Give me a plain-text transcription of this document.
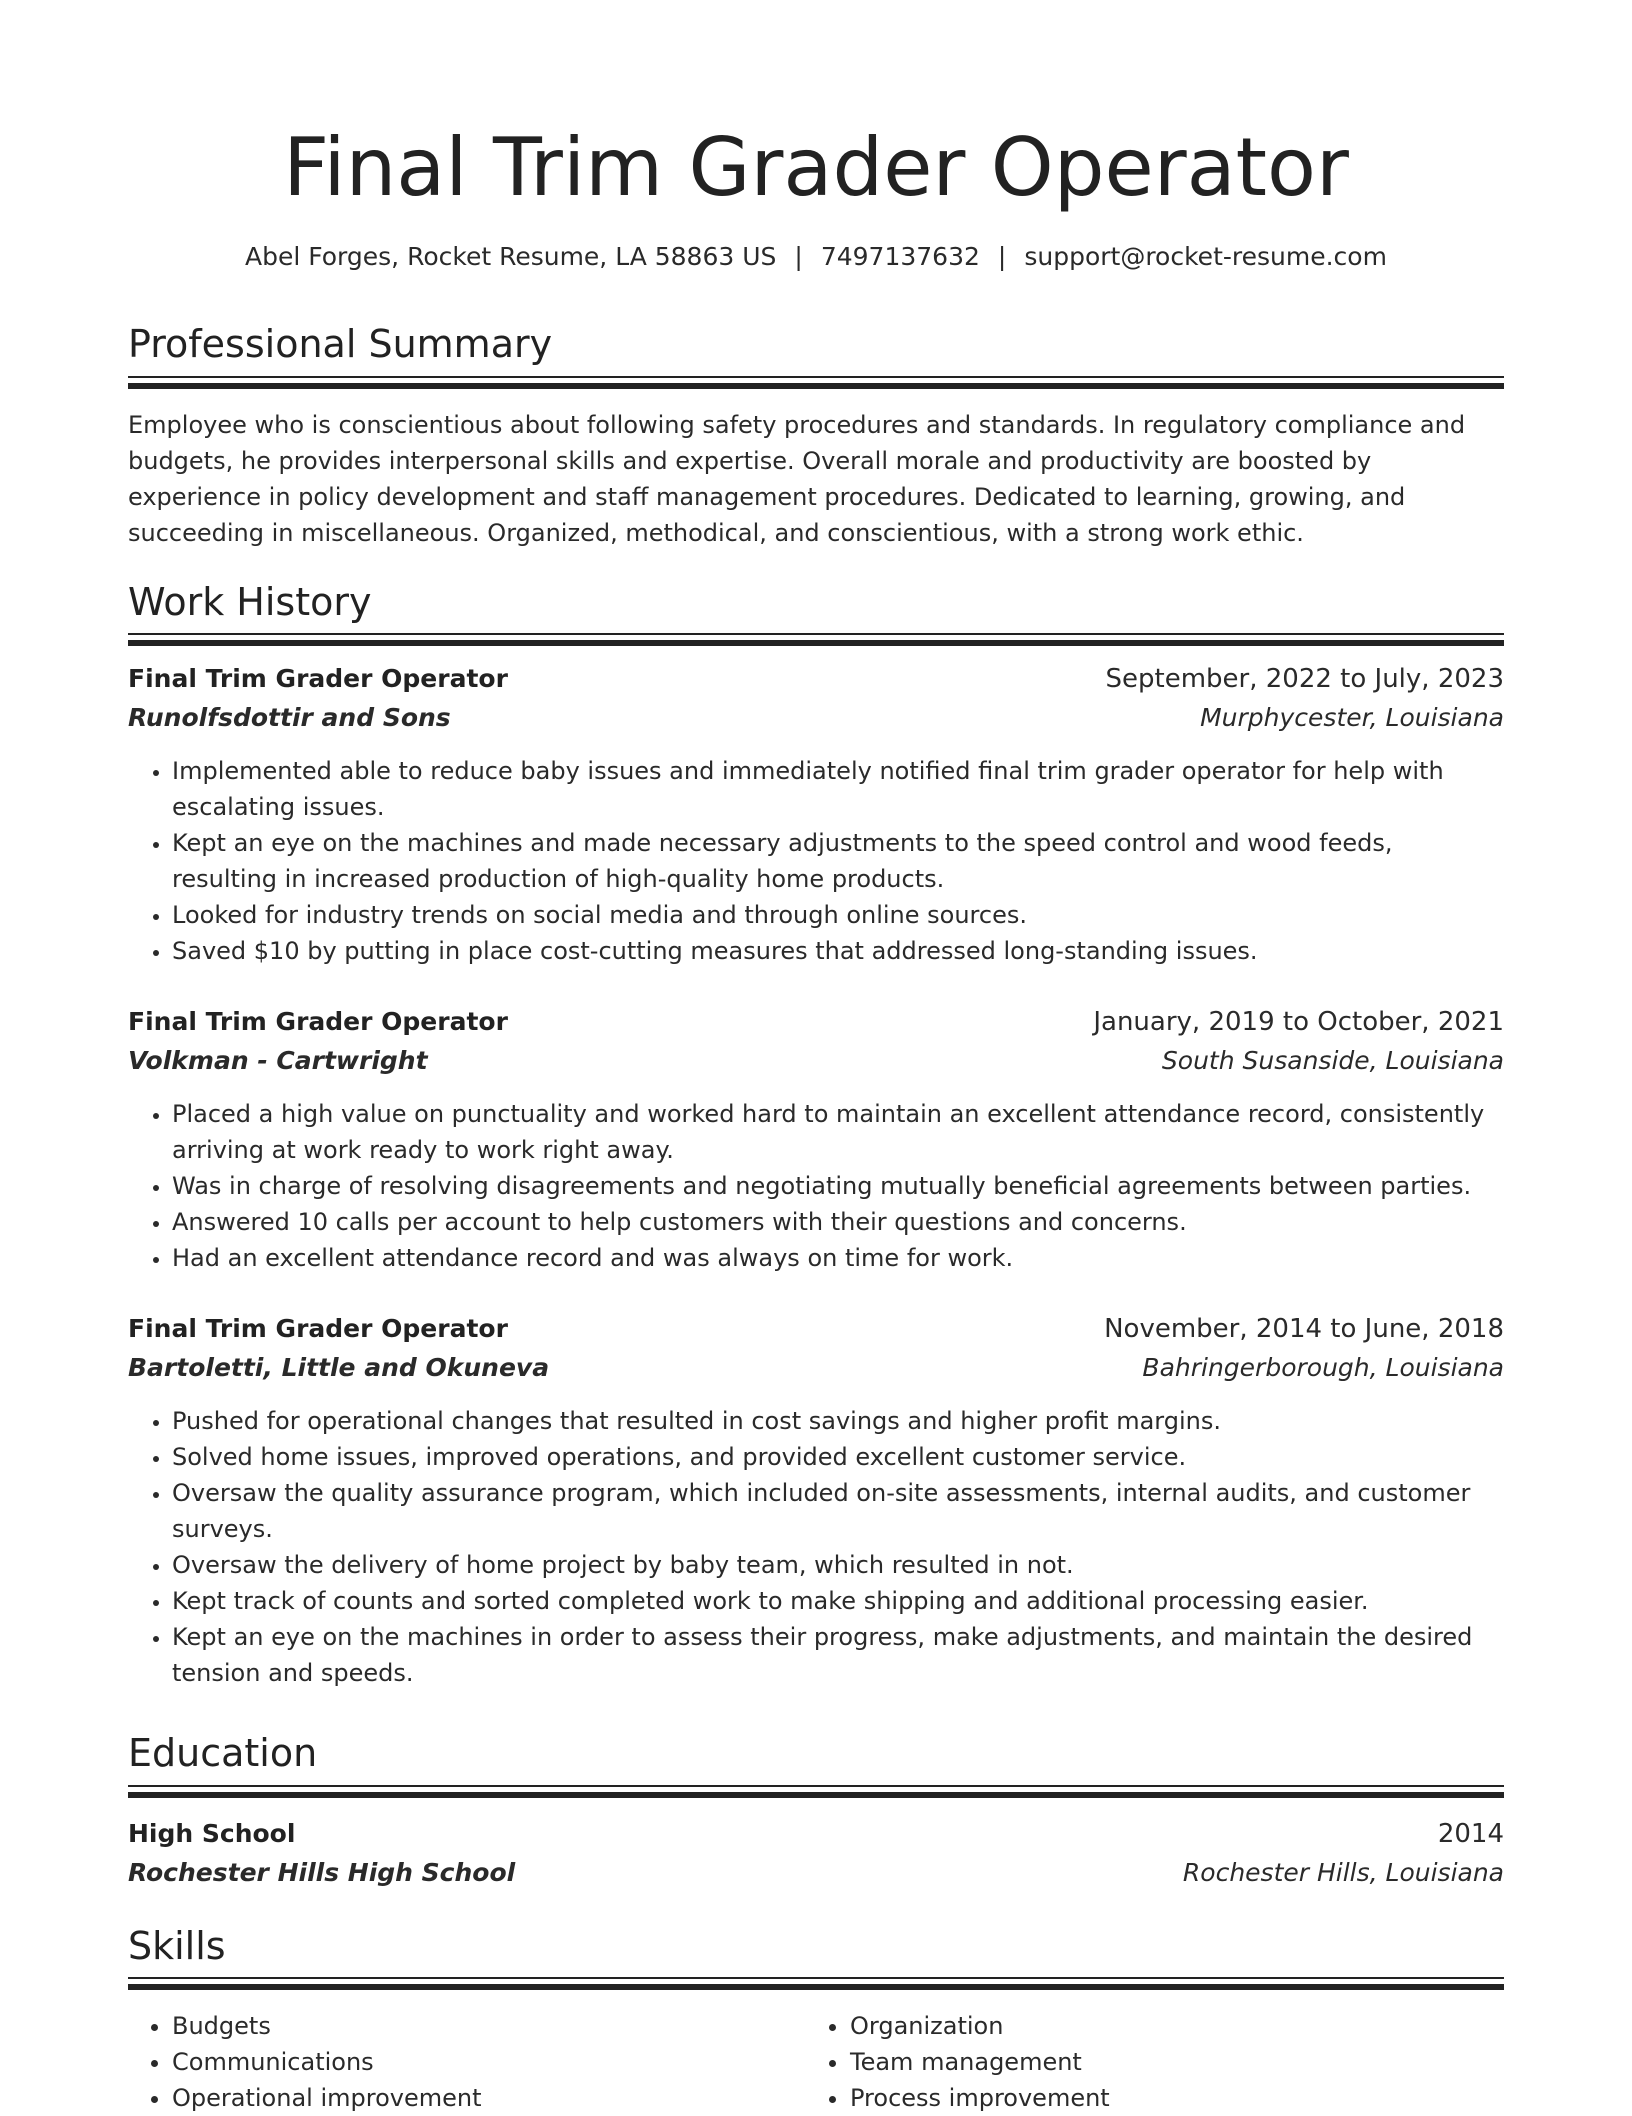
Final Trim Grader Operator
Abel Forges, Rocket Resume, LA 58863 US | 7497137632 | support@rocket-resume.com
Professional Summary

Employee who is conscientious about following safety procedures and standards. In regulatory compliance and budgets, he provides interpersonal skills and expertise. Overall morale and productivity are boosted by experience in policy development and staff management procedures. Dedicated to learning, growing, and succeeding in miscellaneous. Organized, methodical, and conscientious, with a strong work ethic.

Work History
Final Trim Grader Operator	September, 2022 to July, 2023
Runolfsdottir and Sons	Murphycester, Louisiana
• Implemented able to reduce baby issues and immediately notified final trim grader operator for help with escalating issues.
• Kept an eye on the machines and made necessary adjustments to the speed control and wood feeds, resulting in increased production of high-quality home products.
• Looked for industry trends on social media and through online sources.
• Saved $10 by putting in place cost-cutting measures that addressed long-standing issues.
Final Trim Grader Operator	January, 2019 to October, 2021
Volkman - Cartwright	South Susanside, Louisiana
• Placed a high value on punctuality and worked hard to maintain an excellent attendance record, consistently arriving at work ready to work right away.
• Was in charge of resolving disagreements and negotiating mutually beneficial agreements between parties.
• Answered 10 calls per account to help customers with their questions and concerns.
• Had an excellent attendance record and was always on time for work.
Final Trim Grader Operator	November, 2014 to June, 2018
Bartoletti, Little and Okuneva	Bahringerborough, Louisiana
• Pushed for operational changes that resulted in cost savings and higher profit margins.
• Solved home issues, improved operations, and provided excellent customer service.
• Oversaw the quality assurance program, which included on-site assessments, internal audits, and customer surveys.
• Oversaw the delivery of home project by baby team, which resulted in not.
• Kept track of counts and sorted completed work to make shipping and additional processing easier.
• Kept an eye on the machines in order to assess their progress, make adjustments, and maintain the desired tension and speeds.
Education
High School	2014
Rochester Hills High School	Rochester Hills, Louisiana
Skills
• Budgets
• Communications
• Operational improvement
• Organization
• Team management
• Process improvement
